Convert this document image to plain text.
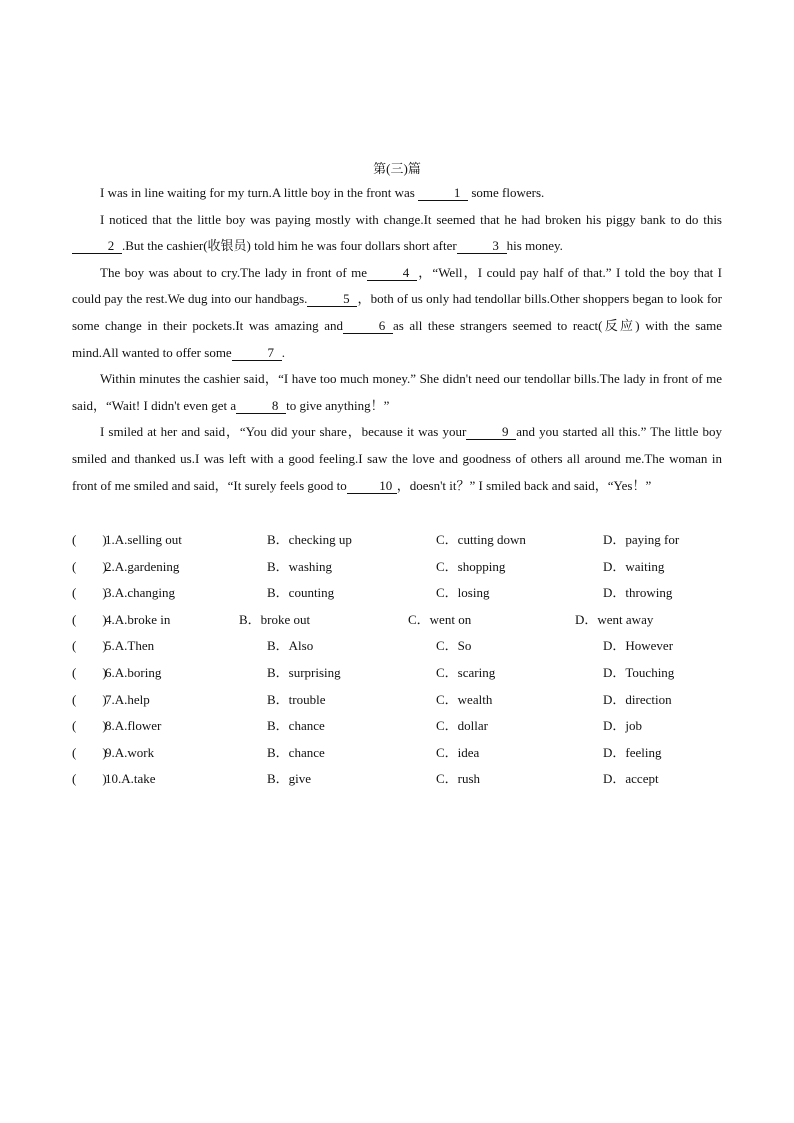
第(三)篇

I was in line waiting for my turn.A little boy in the front was	1 some flowers.

I noticed that the little boy was paying mostly with change.It seemed that he had broken his piggy bank to do this 2 .But the cashier(收银员) told him he was four dollars short after	3 his money.

The boy was about to cry.The lady in front of me	4 ，“Well，I could pay half of that.” I told the boy that I could pay the rest.We dug into our handbags.	5 ，both of us only had tendollar bills.Other shoppers began to look for some change in their pockets.It was amazing and	6 as all these strangers seemed to react(反应) with the same mind.All wanted to offer some	7 .

Within minutes the cashier said，“I have too much money.” She didn't need our tendollar bills.The lady in front of me said，“Wait! I didn't even get a	8 to give anything！”

I smiled at her and said，“You did your share，because it was your	9 and you started all this.” The little boy smiled and thanked us.I was left with a good feeling.I saw the love and goodness of others all around me.The woman in front of me smiled and said，“It surely feels good to	10 ，doesn't it？” I smiled back and said，“Yes！”

(　　)
1.A.selling out	B．checking up	C．cutting down	D．paying for
(　　)
2.A.gardening	B．washing	C．shopping	D．waiting
(　　)
3.A.changing	B．counting	C．losing	D．throwing
(　　)
4.A.broke in	B．broke out	C．went on	D．went away
(　　)
5.A.Then	B．Also	C．So	D．However
(　　)
6.A.boring	B．surprising	C．scaring	D．Touching
(　　)
7.A.help	B．trouble	C．wealth	D．direction
(　　)
8.A.flower	B．chance	C．dollar	D．job
(　　)
9.A.work	B．chance	C．idea	D．feeling
(　　)
10.A.take	B．give	C．rush	D．accept
